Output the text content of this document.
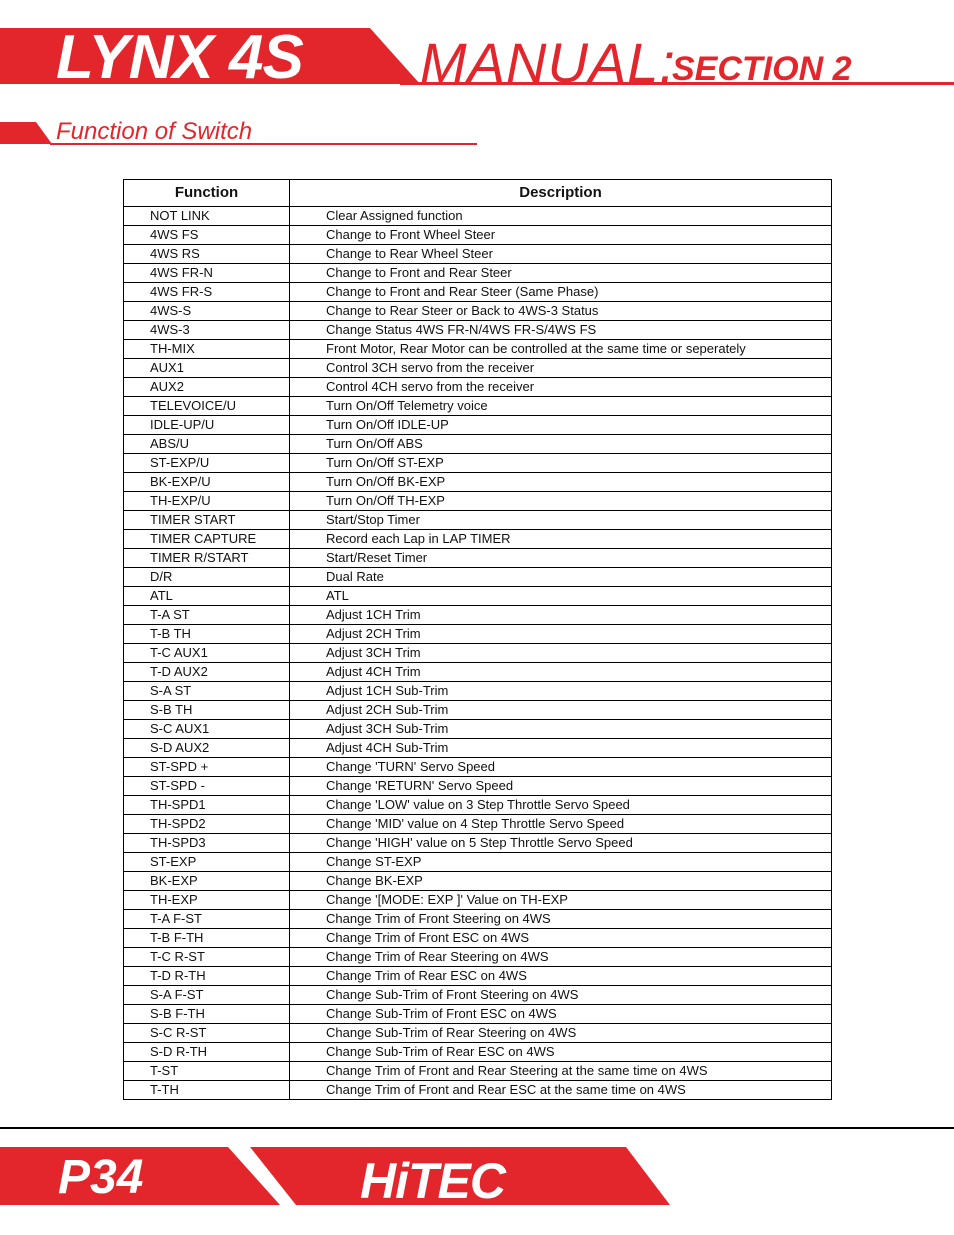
LYNX 4S MANUAL:
SECTION 2
Function of Switch
Function	Description
NOT LINK	Clear Assigned function
4WS FS	Change to Front Wheel Steer
4WS RS	Change to Rear Wheel Steer
4WS FR-N	Change to Front and Rear Steer
4WS FR-S	Change to Front and Rear Steer (Same Phase)
4WS-S	Change to Rear Steer or Back to 4WS-3 Status
4WS-3	Change Status 4WS FR-N/4WS FR-S/4WS FS
TH-MIX	Front Motor, Rear Motor can be controlled at the same time or seperately
AUX1	Control 3CH servo from the receiver
AUX2	Control 4CH servo from the receiver
TELEVOICE/U	Turn On/Off Telemetry voice
IDLE-UP/U	Turn On/Off IDLE-UP
ABS/U	Turn On/Off ABS
ST-EXP/U	Turn On/Off ST-EXP
BK-EXP/U	Turn On/Off BK-EXP
TH-EXP/U	Turn On/Off TH-EXP
TIMER START	Start/Stop Timer
TIMER CAPTURE	Record each Lap in LAP TIMER
TIMER R/START	Start/Reset Timer
D/R	Dual Rate
ATL	ATL
T-A ST	Adjust 1CH Trim
T-B TH	Adjust 2CH Trim
T-C AUX1	Adjust 3CH Trim
T-D AUX2	Adjust 4CH Trim
S-A ST	Adjust 1CH Sub-Trim
S-B TH	Adjust 2CH Sub-Trim
S-C AUX1	Adjust 3CH Sub-Trim
S-D AUX2	Adjust 4CH Sub-Trim
ST-SPD +	Change 'TURN' Servo Speed
ST-SPD -	Change 'RETURN' Servo Speed
TH-SPD1	Change 'LOW' value on 3 Step Throttle Servo Speed
TH-SPD2	Change 'MID' value on 4 Step Throttle Servo Speed
TH-SPD3	Change 'HIGH' value on 5 Step Throttle Servo Speed
ST-EXP	Change ST-EXP
BK-EXP	Change BK-EXP
TH-EXP	Change '[MODE: EXP ]' Value on TH-EXP
T-A F-ST	Change Trim of Front Steering on 4WS
T-B F-TH	Change Trim of Front ESC on 4WS
T-C R-ST	Change Trim of Rear Steering on 4WS
T-D R-TH	Change Trim of Rear ESC on 4WS
S-A F-ST	Change Sub-Trim of Front Steering on 4WS
S-B F-TH	Change Sub-Trim of Front ESC on 4WS
S-C R-ST	Change Sub-Trim of Rear Steering on 4WS
S-D R-TH	Change Sub-Trim of Rear ESC on 4WS
T-ST	Change Trim of Front and Rear Steering at the same time on 4WS
T-TH	Change Trim of Front and Rear ESC at the same time on 4WS
P34	HiTEC
